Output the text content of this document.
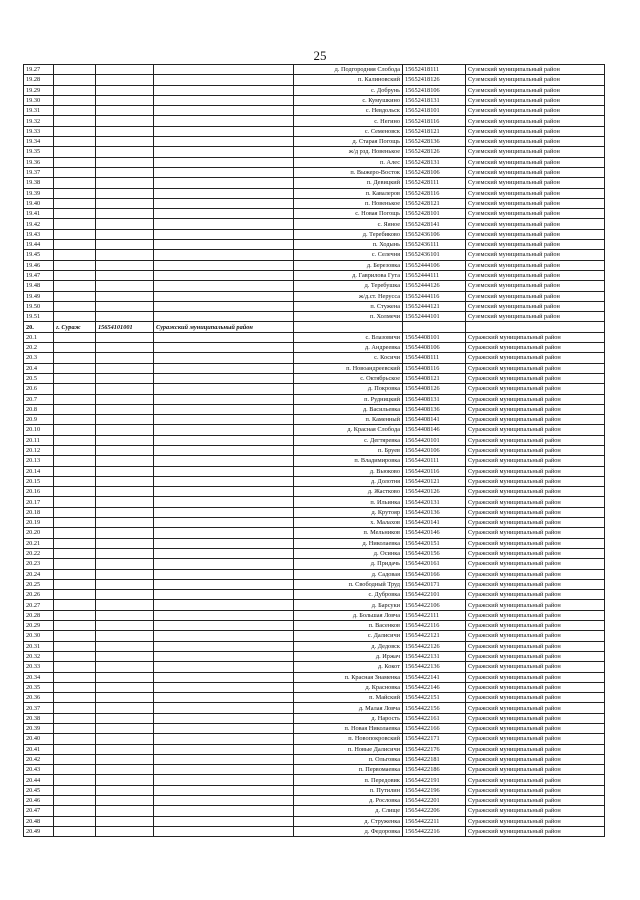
25
19.27				д. Подгородняя Слобода	15652418111	Суземский муниципальный район
19.28				п. Калиновский	15652418126	Суземский муниципальный район
19.29				с. Добрунь	15652418106	Суземский муниципальный район
19.30				с. Кумушкино	15652418131	Суземский муниципальный район
19.31				с. Невдольск	15652418101	Суземский муниципальный район
19.32				с. Негино	15652418116	Суземский муниципальный район
19.33				с. Семеновск	15652418121	Суземский муниципальный район
19.34				д. Старая Погощь	15652428136	Суземский муниципальный район
19.35				ж/д рзд. Новенькое	15652428126	Суземский муниципальный район
19.36				п. Алес	15652428131	Суземский муниципальный район
19.37				п. Выжерo-Восток	15652428106	Суземский муниципальный район
19.38				п. Девицкий	15652428111	Суземский муниципальный район
19.39				п. Кавалеров	15652428116	Суземский муниципальный район
19.40				п. Новенькое	15652428121	Суземский муниципальный район
19.41				с. Новая Погощь	15652428101	Суземский муниципальный район
19.42				с. Яяное	15652428141	Суземский муниципальный район
19.43				д. Теребиково	15652436106	Суземский муниципальный район
19.44				п. Ходынь	15652436111	Суземский муниципальный район
19.45				с. Селечня	15652436101	Суземский муниципальный район
19.46				д. Березовка	15652444106	Суземский муниципальный район
19.47				д. Гаврилова Гута	15652444111	Суземский муниципальный район
19.48				д. Теребушка	15652444126	Суземский муниципальный район
19.49				ж/д.ст. Нерусса	15652444116	Суземский муниципальный район
19.50				п. Стужена	15652444121	Суземский муниципальный район
19.51				п. Холмечи	15652444101	Суземский муниципальный район
20.	г. Сураж	15654101001	Суражский муниципальный район			
20.1				с. Влазовичи	15654408101	Суражский муниципальный район
20.2				д. Андреевка	15654408106	Суражский муниципальный район
20.3				с. Косичи	15654408111	Суражский муниципальный район
20.4				п. Новоандреевский	15654408116	Суражский муниципальный район
20.5				с. Октябрьское	15654408121	Суражский муниципальный район
20.6				д. Покровка	15654408126	Суражский муниципальный район
20.7				п. Рудницкий	15654408131	Суражский муниципальный район
20.8				д. Васильевка	15654408136	Суражский муниципальный район
20.9				п. Каменный	15654408141	Суражский муниципальный район
20.10				д. Красная Слобода	15654408146	Суражский муниципальный район
20.11				с. Дегтяревка	15654420101	Суражский муниципальный район
20.12				п. Бруев	15654420106	Суражский муниципальный район
20.13				п. Владимировка	15654420111	Суражский муниципальный район
20.14				д. Вьюково	15654420116	Суражский муниципальный район
20.15				д. Долотня	15654420121	Суражский муниципальный район
20.16				д. Жастково	15654420126	Суражский муниципальный район
20.17				п. Ильинка	15654420131	Суражский муниципальный район
20.18				д. Крутояр	15654420136	Суражский муниципальный район
20.19				х. Малахов	15654420141	Суражский муниципальный район
20.20				п. Мельников	15654420146	Суражский муниципальный район
20.21				д. Николаевка	15654420151	Суражский муниципальный район
20.22				д. Осинка	15654420156	Суражский муниципальный район
20.23				д. Придачь	15654420161	Суражский муниципальный район
20.24				д. Садовая	15654420166	Суражский муниципальный район
20.25				п. Свободный Труд	15654420171	Суражский муниципальный район
20.26				с. Дубровка	15654422101	Суражский муниципальный район
20.27				д. Барсуки	15654422106	Суражский муниципальный район
20.28				д. Большая Ловча	15654422111	Суражский муниципальный район
20.29				п. Васенков	15654422116	Суражский муниципальный район
20.30				с. Далисичи	15654422121	Суражский муниципальный район
20.31				д. Дедовск	15654422126	Суражский муниципальный район
20.32				д. Иржач	15654422131	Суражский муниципальный район
20.33				д. Кокот	15654422136	Суражский муниципальный район
20.34				п. Красная Знаменка	15654422141	Суражский муниципальный район
20.35				д. Красновка	15654422146	Суражский муниципальный район
20.36				п. Майский	15654422151	Суражский муниципальный район
20.37				д. Малая Ловча	15654422156	Суражский муниципальный район
20.38				д. Нарость	15654422161	Суражский муниципальный район
20.39				п. Новая Николаевка	15654422166	Суражский муниципальный район
20.40				п. Новопокровский	15654422171	Суражский муниципальный район
20.41				п. Новые Далисичи	15654422176	Суражский муниципальный район
20.42				п. Ольговка	15654422181	Суражский муниципальный район
20.43				п. Первомаевка	15654422186	Суражский муниципальный район
20.44				п. Передовик	15654422191	Суражский муниципальный район
20.45				п. Путилин	15654422196	Суражский муниципальный район
20.46				д. Рословка	15654422201	Суражский муниципальный район
20.47				д. Слище	15654422206	Суражский муниципальный район
20.48				д. Струженка	15654422211	Суражский муниципальный район
20.49				д. Федоровка	15654422216	Суражский муниципальный район
